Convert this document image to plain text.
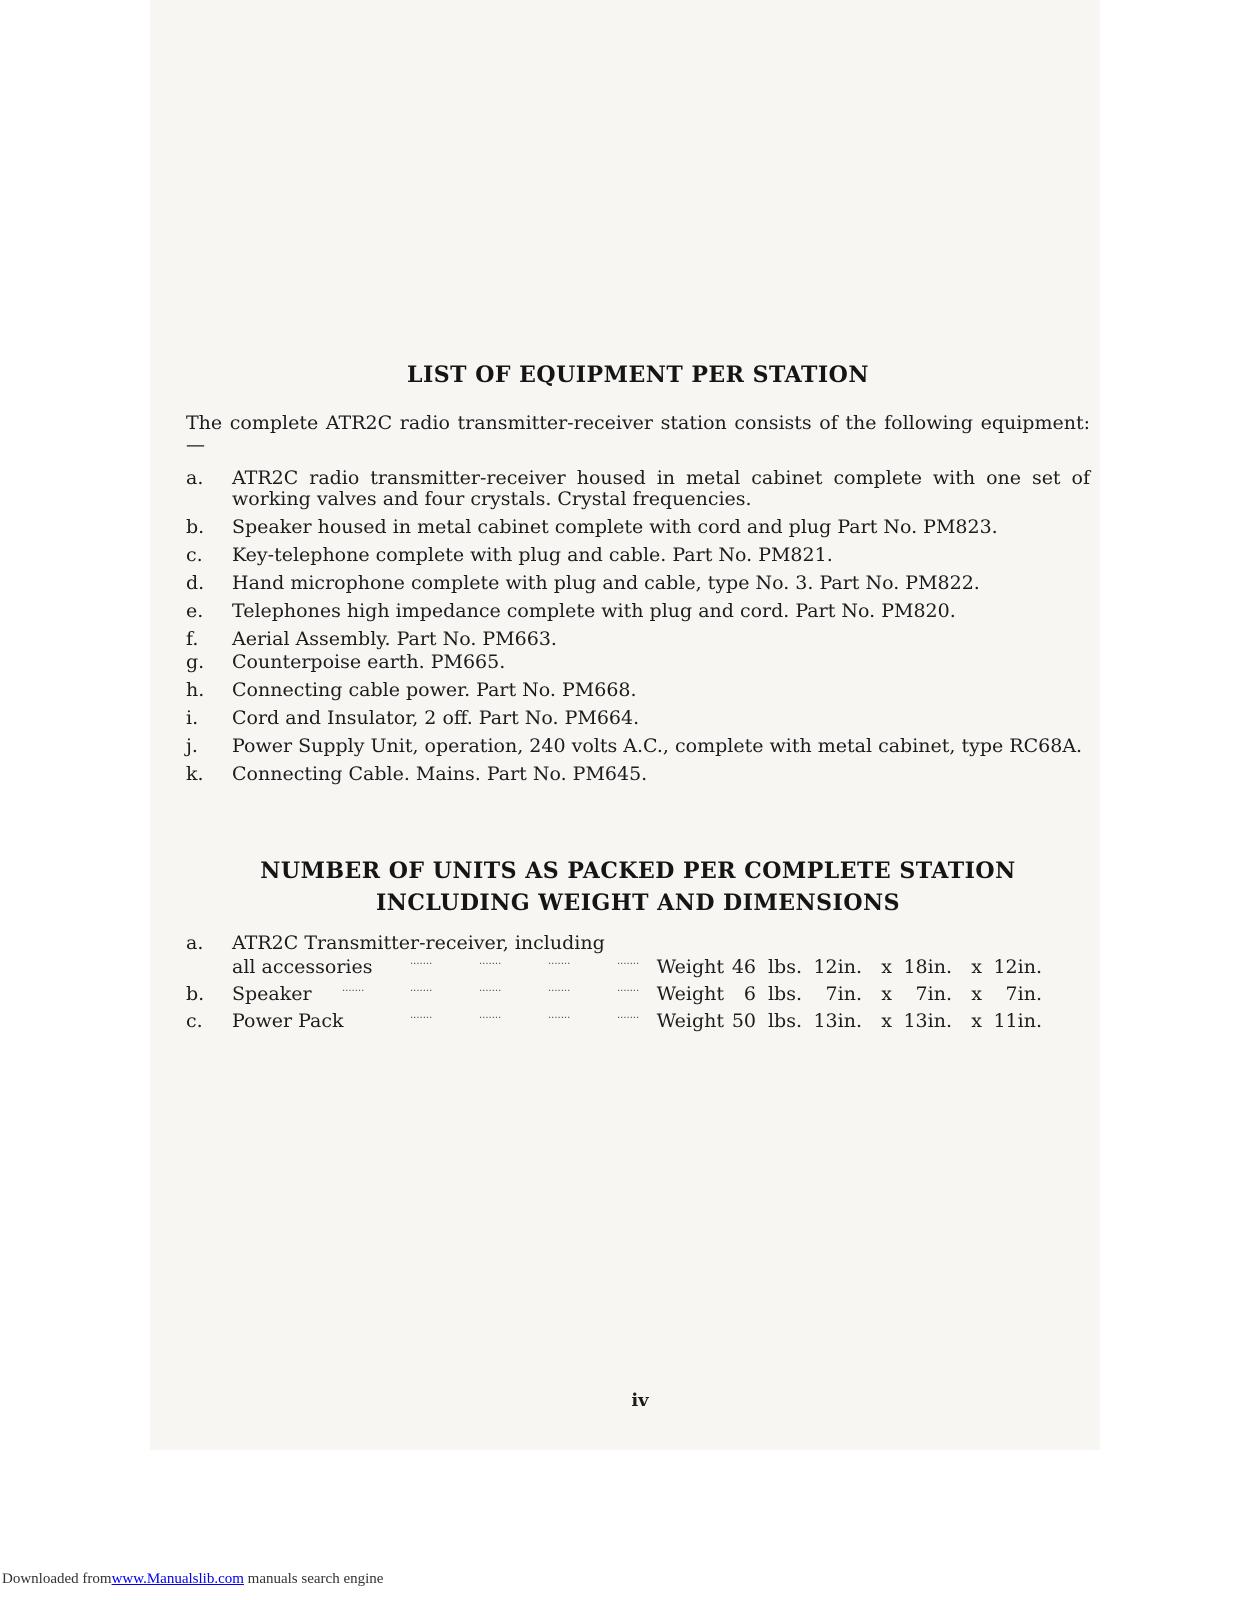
LIST OF EQUIPMENT PER STATION
The complete ATR2C radio transmitter-receiver station consists of the following equipment:—
a.	ATR2C radio transmitter-receiver housed in metal cabinet complete with one set of working valves and four crystals. Crystal frequencies.
b.	Speaker housed in metal cabinet complete with cord and plug Part No. PM823.
c.	Key-telephone complete with plug and cable. Part No. PM821.
d.	Hand microphone complete with plug and cable, type No. 3. Part No. PM822.
e.	Telephones high impedance complete with plug and cord. Part No. PM820.
f.	Aerial Assembly. Part No. PM663.
g.	Counterpoise earth. PM665.
h.	Connecting cable power. Part No. PM668.
i.	Cord and Insulator, 2 off. Part No. PM664.
j.	Power Supply Unit, operation, 240 volts A.C., complete with metal cabinet, type RC68A.
k.	Connecting Cable. Mains. Part No. PM645.
NUMBER OF UNITS AS PACKED PER COMPLETE STATION
INCLUDING WEIGHT AND DIMENSIONS
a.	ATR2C Transmitter-receiver, including
all accessories	.......	.......	.......	....... Weight 46 lbs. 12in.	x 18in.	x 12in.
b.	Speaker	.......	.......	.......	.......	....... Weight	6 lbs.	7in.	x	7in.	x	7in.
c.	Power Pack	.......	.......	.......	....... Weight 50 lbs. 13in.	x 13in.	x 11in.
iv
Downloaded fromwww.Manualslib.com manuals search engine
